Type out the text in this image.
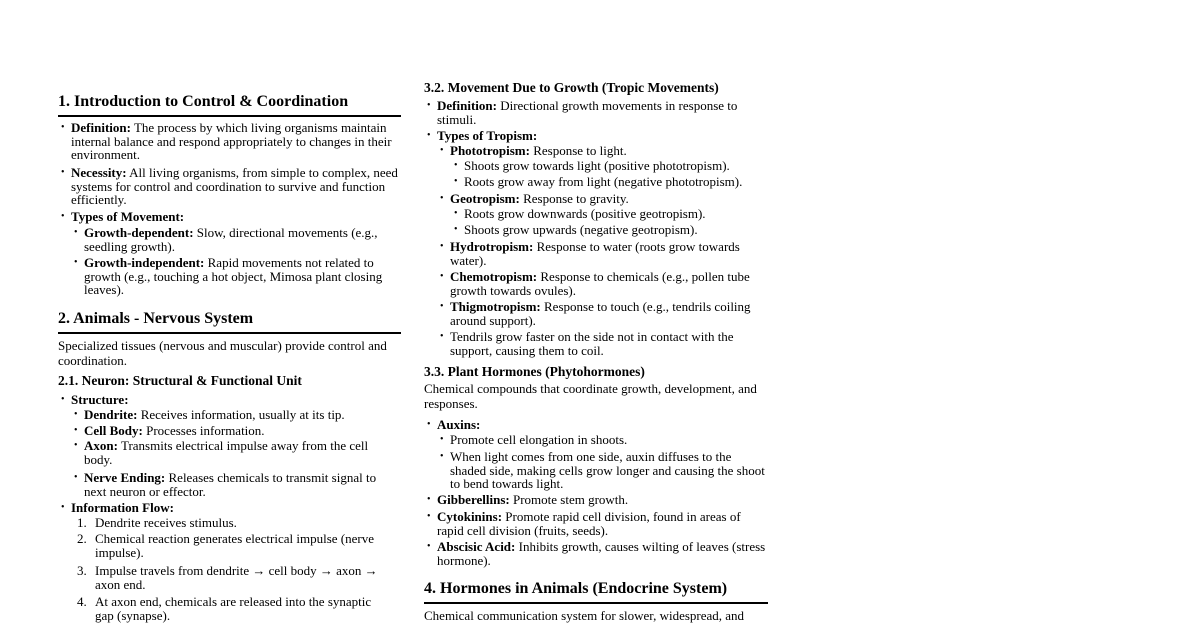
1. Introduction to Control & Coordination
• Definition: The process by which living organisms maintain internal balance and respond appropriately to changes in their environment.
• Necessity: All living organisms, from simple to complex, need systems for control and coordination to survive and function efficiently.
• Types of Movement:
• Growth-dependent: Slow, directional movements (e.g., seedling growth).
• Growth-independent: Rapid movements not related to growth (e.g., touching a hot object, Mimosa plant closing leaves).
2. Animals - Nervous System
Specialized tissues (nervous and muscular) provide control and coordination.
2.1. Neuron: Structural & Functional Unit
• Structure:
• Dendrite: Receives information, usually at its tip.
• Cell Body: Processes information.
• Axon: Transmits electrical impulse away from the cell body.
• Nerve Ending: Releases chemicals to transmit signal to next neuron or effector.
• Information Flow:
1. Dendrite receives stimulus.
2. Chemical reaction generates electrical impulse (nerve impulse).
3. Impulse travels from dendrite → cell body → axon → axon end.
4. At axon end, chemicals are released into the synaptic gap (synapse).
3.2. Movement Due to Growth (Tropic Movements)
• Definition: Directional growth movements in response to stimuli.
• Types of Tropism:
• Phototropism: Response to light.
• Shoots grow towards light (positive phototropism).
• Roots grow away from light (negative phototropism).
• Geotropism: Response to gravity.
• Roots grow downwards (positive geotropism).
• Shoots grow upwards (negative geotropism).
• Hydrotropism: Response to water (roots grow towards water).
• Chemotropism: Response to chemicals (e.g., pollen tube growth towards ovules).
• Thigmotropism: Response to touch (e.g., tendrils coiling around support).
• Tendrils grow faster on the side not in contact with the support, causing them to coil.
3.3. Plant Hormones (Phytohormones)
Chemical compounds that coordinate growth, development, and responses.
• Auxins:
• Promote cell elongation in shoots.
• When light comes from one side, auxin diffuses to the shaded side, making cells grow longer and causing the shoot to bend towards light.
• Gibberellins: Promote stem growth.
• Cytokinins: Promote rapid cell division, found in areas of rapid cell division (fruits, seeds).
• Abscisic Acid: Inhibits growth, causes wilting of leaves (stress hormone).
4. Hormones in Animals (Endocrine System)
Chemical communication system for slower, widespread, and
